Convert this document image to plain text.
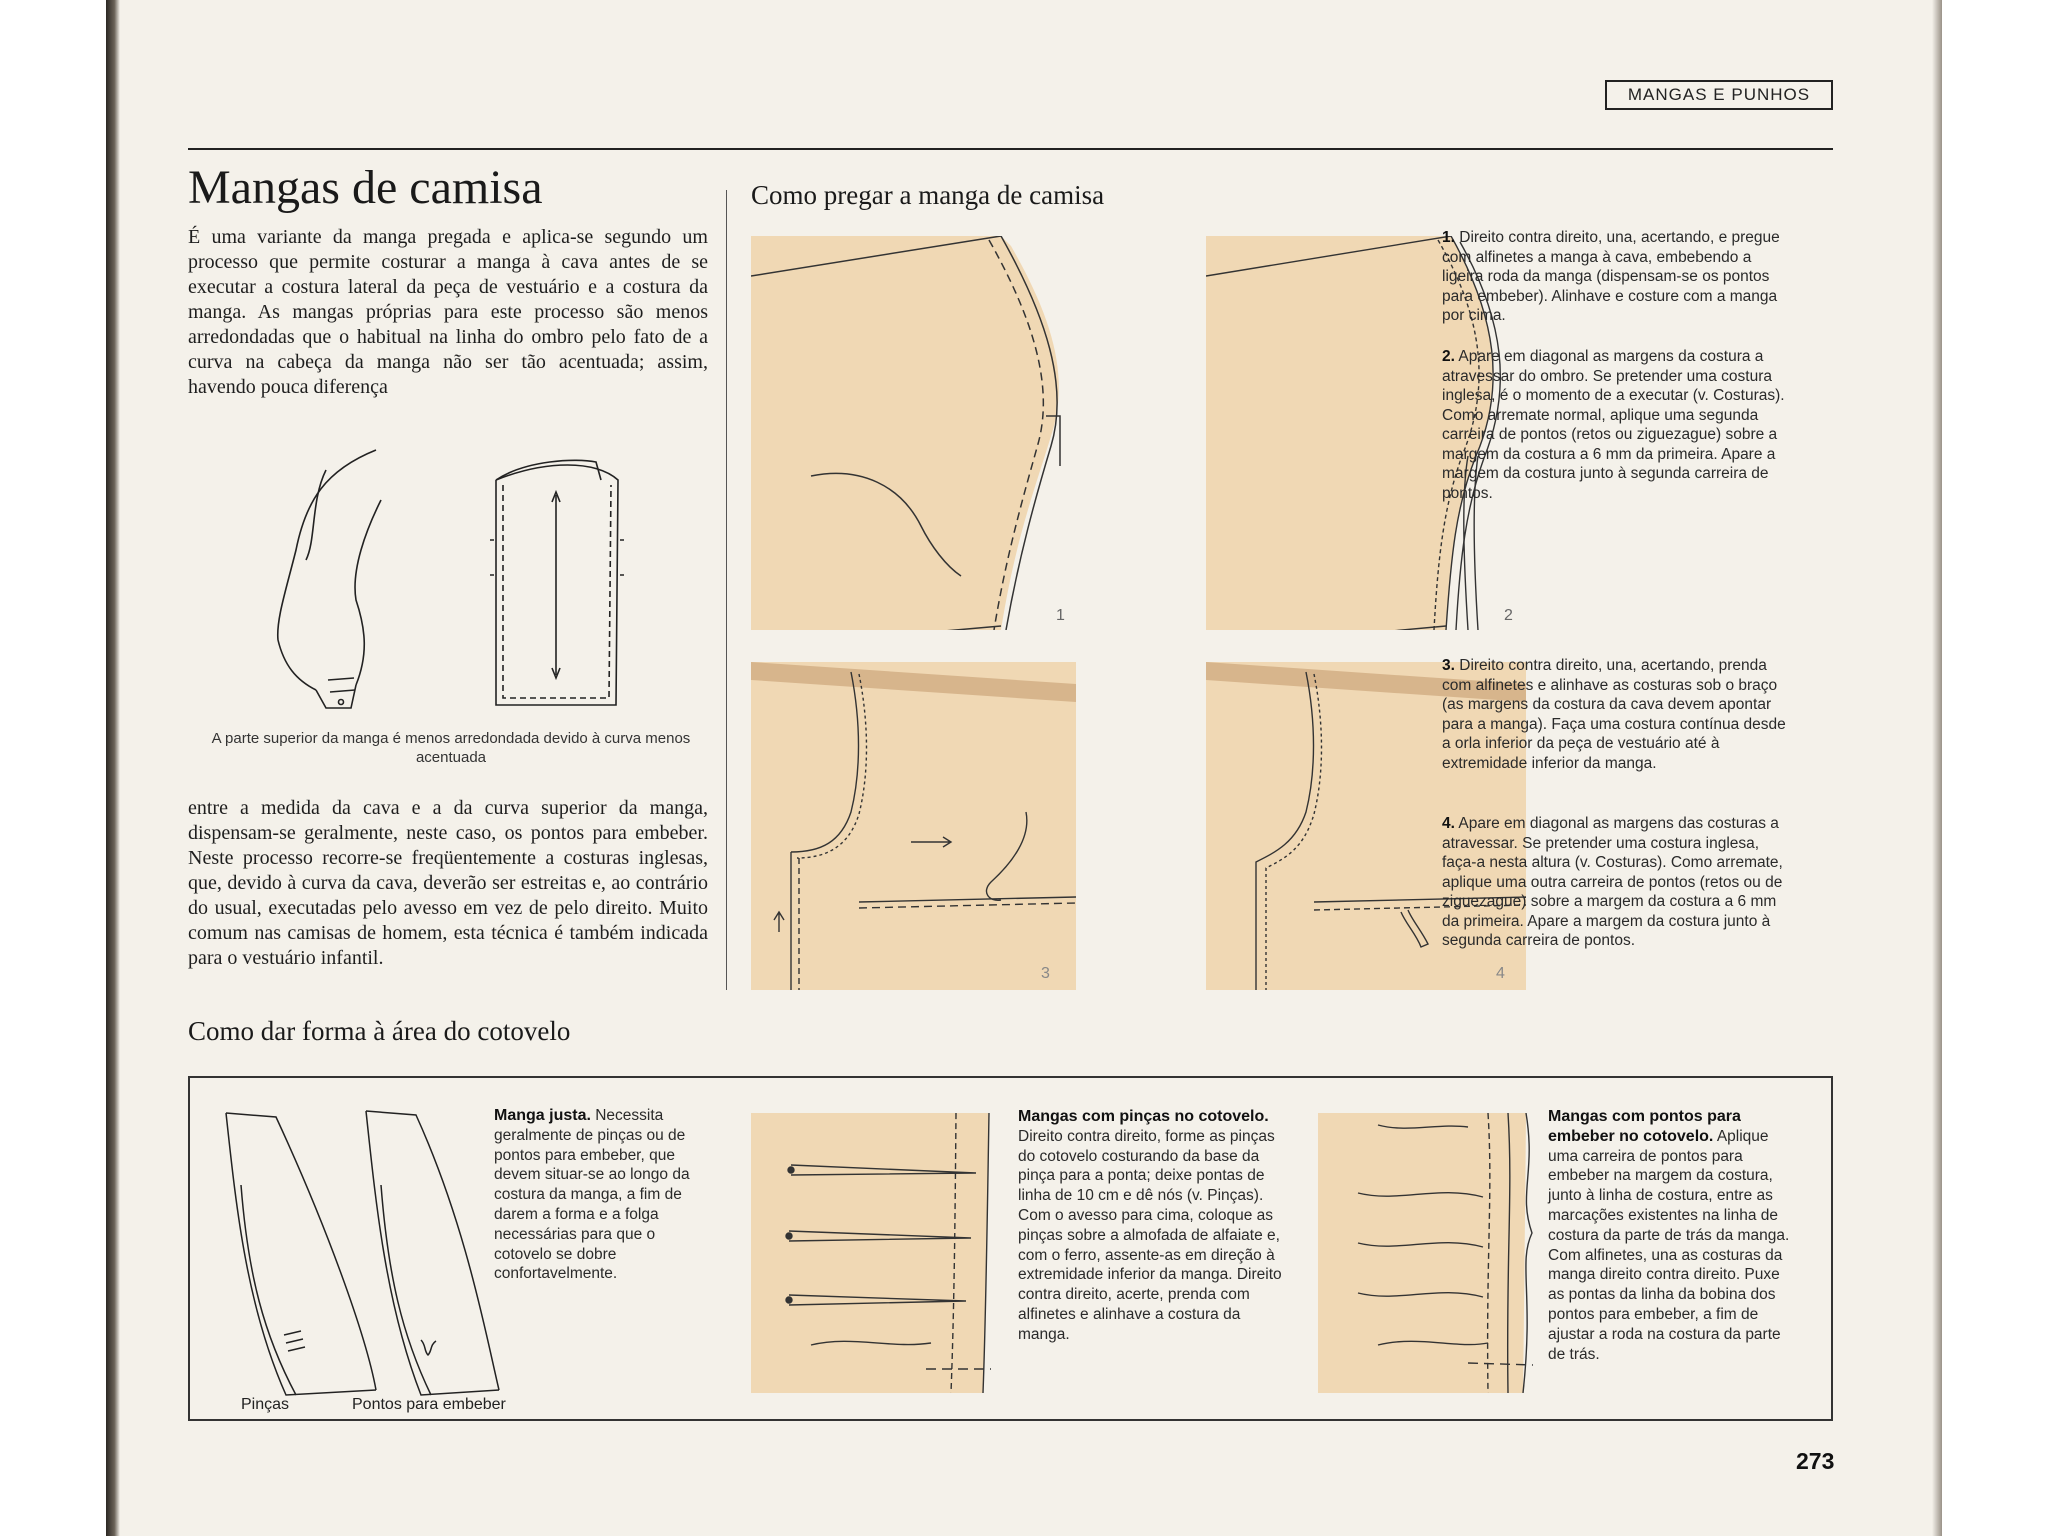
MANGAS E PUNHOS
Mangas de camisa
É uma variante da manga pregada e aplica-se segundo um processo que permite costurar a manga à cava antes de se executar a costura lateral da peça de vestuário e a costura da manga. As mangas próprias para este processo são menos arredondadas que o habitual na linha do ombro pelo fato de a curva na cabeça da manga não ser tão acentuada; assim, havendo pouca diferença
A parte superior da manga é menos arredondada devido à curva menos acentuada
entre a medida da cava e a da curva superior da manga, dispensam-se geralmente, neste caso, os pontos para embeber. Neste processo recorre-se freqüentemente a costuras inglesas, que, devido à curva da cava, deverão ser estreitas e, ao contrário do usual, executadas pelo avesso em vez de pelo direito. Muito comum nas camisas de homem, esta técnica é também indicada para o vestuário infantil.
Como pregar a manga de camisa
1	2
3	4
1. Direito contra direito, una, acertando, e pregue com alfinetes a manga à cava, embebendo a ligeira roda da manga (dispensam-se os pontos para embeber). Alinhave e costure com a manga por cima.
2. Apare em diagonal as margens da costura a atravessar do ombro. Se pretender uma costura inglesa, é o momento de a executar (v. Costuras). Como arremate normal, aplique uma segunda carreira de pontos (retos ou ziguezague) sobre a margem da costura a 6 mm da primeira. Apare a margem da costura junto à segunda carreira de pontos.
3. Direito contra direito, una, acertando, prenda com alfinetes e alinhave as costuras sob o braço (as margens da costura da cava devem apontar para a manga). Faça uma costura contínua desde a orla inferior da peça de vestuário até à extremidade inferior da manga.
4. Apare em diagonal as margens das costuras a atravessar. Se pretender uma costura inglesa, faça-a nesta altura (v. Costuras). Como arremate, aplique uma outra carreira de pontos (retos ou de ziguezague) sobre a margem da costura a 6 mm da primeira. Apare a margem da costura junto à segunda carreira de pontos.
Como dar forma à área do cotovelo
Pinças	Pontos para embeber
Manga justa. Necessita geralmente de pinças ou de pontos para embeber, que devem situar-se ao longo da costura da manga, a fim de darem a forma e a folga necessárias para que o cotovelo se dobre confortavelmente.
Mangas com pinças no cotovelo. Direito contra direito, forme as pinças do cotovelo costurando da base da pinça para a ponta; deixe pontas de linha de 10 cm e dê nós (v. Pinças). Com o avesso para cima, coloque as pinças sobre a almofada de alfaiate e, com o ferro, assente-as em direção à extremidade inferior da manga. Direito contra direito, acerte, prenda com alfinetes e alinhave a costura da manga.
Mangas com pontos para embeber no cotovelo. Aplique uma carreira de pontos para embeber na margem da costura, junto à linha de costura, entre as marcações existentes na linha de costura da parte de trás da manga. Com alfinetes, una as costuras da manga direito contra direito. Puxe as pontas da linha da bobina dos pontos para embeber, a fim de ajustar a roda na costura da parte de trás.
273
